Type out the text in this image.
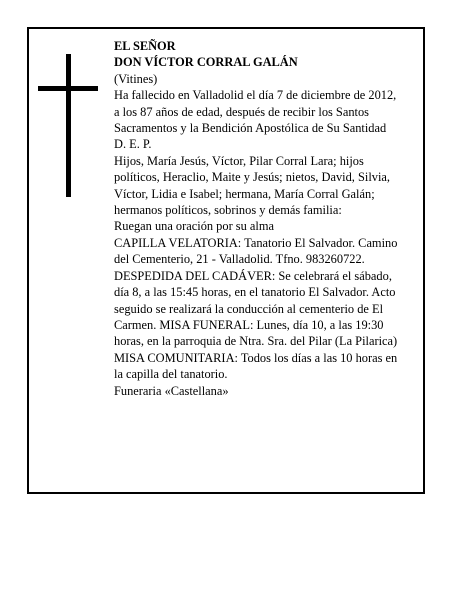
EL SEÑOR

DON VÍCTOR CORRAL GALÁN

(Vitines)

Ha fallecido en Valladolid el día 7 de diciembre de 2012, a los 87 años de edad, después de recibir los Santos Sacramentos y la Bendición Apostólica de Su Santidad

D. E. P.

Hijos, María Jesús, Víctor, Pilar Corral Lara; hijos políticos, Heraclio, Maite y Jesús; nietos, David, Silvia, Víctor, Lidia e Isabel; hermana, María Corral Galán; hermanos políticos, sobrinos y demás familia:

Ruegan una oración por su alma

CAPILLA VELATORIA: Tanatorio El Salvador. Camino del Cementerio, 21 - Valladolid. Tfno. 983260722.

DESPEDIDA DEL CADÁVER: Se celebrará el sábado, día 8, a las 15:45 horas, en el tanatorio El Salvador. Acto seguido se realizará la conducción al cementerio de El Carmen. MISA FUNERAL: Lunes, día 10, a las 19:30 horas, en la parroquia de Ntra. Sra. del Pilar (La Pilarica) MISA COMUNITARIA: Todos los días a las 10 horas en la capilla del tanatorio.

Funeraria «Castellana»
